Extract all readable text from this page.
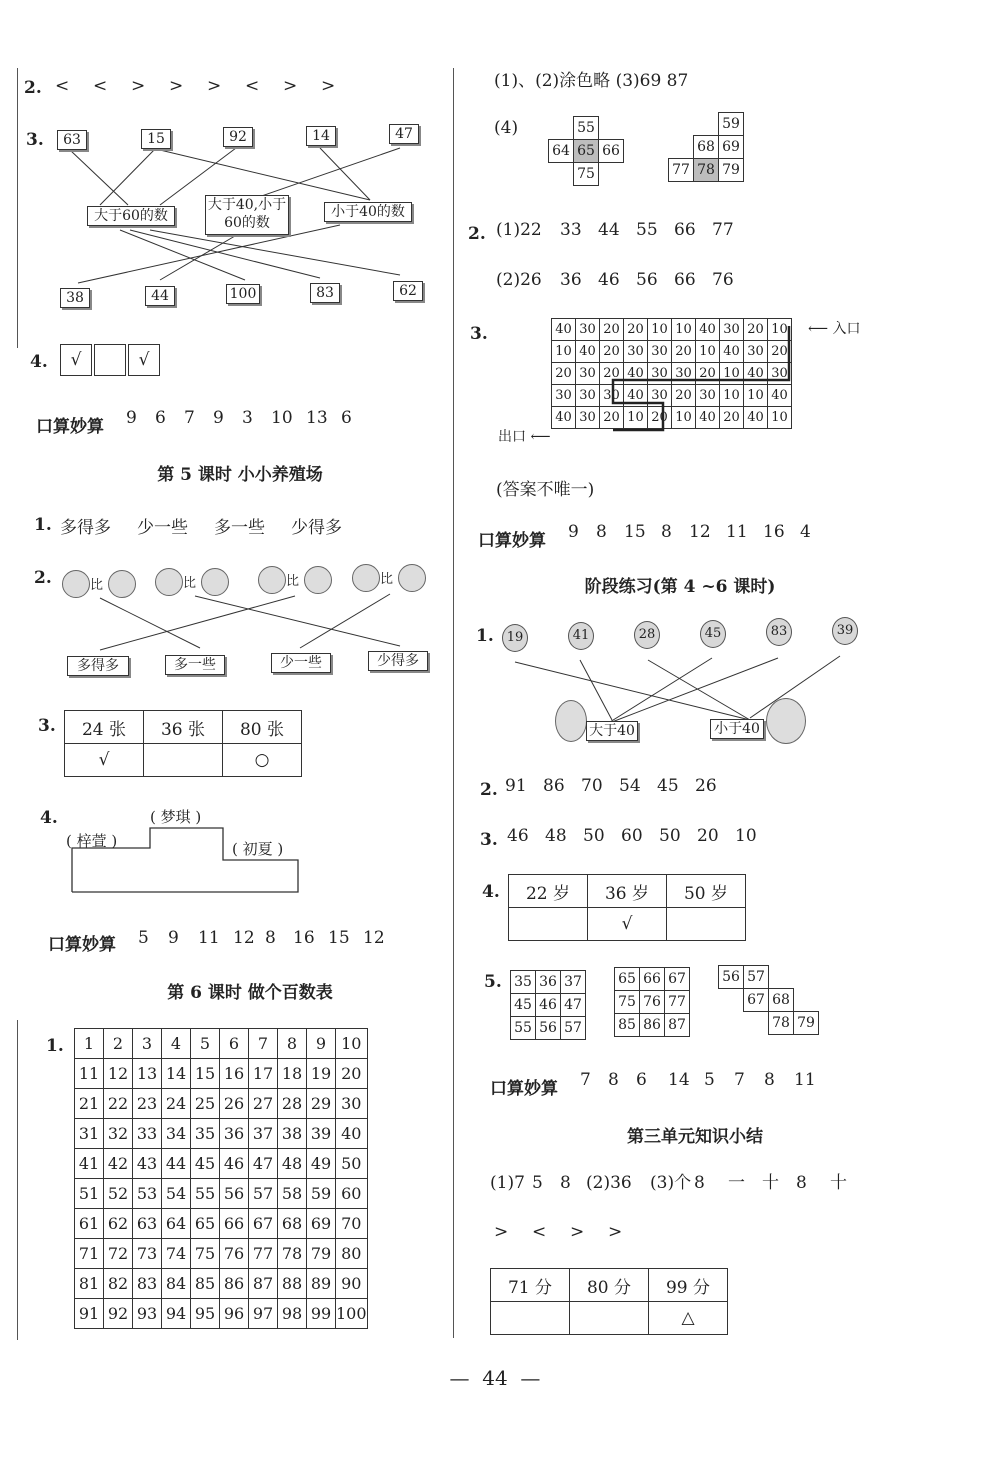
2. < < > > > < > >
3.	63	15	92	14	47
大于60的数
大于40,小于60的数
小于40的数
38	44	100	83	62
4.	√	√
口算妙算 9 6 7 9 3 10 13 6
第 5 课时 小小养殖场
1. 多得多 少一些 多一些 少得多
2.	比	比	比	比
多得多	多一些	少一些	少得多
3. 24 张	36 张	80 张
√		○
4.
( 梓萱 )
( 梦琪 )
( 初夏 )
口算妙算 5 9 11 12 8 16 15 12
第 6 课时 做个百数表
1. 1	2	3	4	5	6	7	8	9	10
11	12	13	14	15	16	17	18	19	20
21	22	23	24	25	26	27	28	29	30
31	32	33	34	35	36	37	38	39	40
41	42	43	44	45	46	47	48	49	50
51	52	53	54	55	56	57	58	59	60
61	62	63	64	65	66	67	68	69	70
71	72	73	74	75	76	77	78	79	80
81	82	83	84	85	86	87	88	89	90
91	92	93	94	95	96	97	98	99	100
(1)、(2)涂色略 (3)69 87
(4)
		55	
64	65	66
	75	
		59
	68	69
77	78	79
2. (1)22 33 44 55 66 77
(2)26 36 46 56 66 76
3.	40	30	20	20	10	10	40	30	20	10
10	40	20	30	30	20	10	40	30	20
20	30	20	40	30	30	20	10	40	30
30	30	30	40	30	20	30	10	10	40
40	30	20	10	20	10	40	20	40	10
⟵ 入口
出口 ⟵
(答案不唯一)
口算妙算 9 8 15 8 12 11 16 4
阶段练习(第 4 ~6 课时)
1. 19	41	28	45	83	39
大于40	小于40
2. 91 86 70 54 45 26
3. 46 48 50 60 50 20 10
4. 22 岁	36 岁	50 岁
	√	
5. 35	36	37
45	46	47
55	56	57
65	66	67
75	76	77
85	86	87
56	57		
	67	68	
		78	79
口算妙算 7 8 6 14 5 7 8 11
第三单元知识小结
(1)7 5 8 (2)36 (3)个 8 一 十 8 十
> < > >
71 分	80 分	99 分
		△
—  44  —
